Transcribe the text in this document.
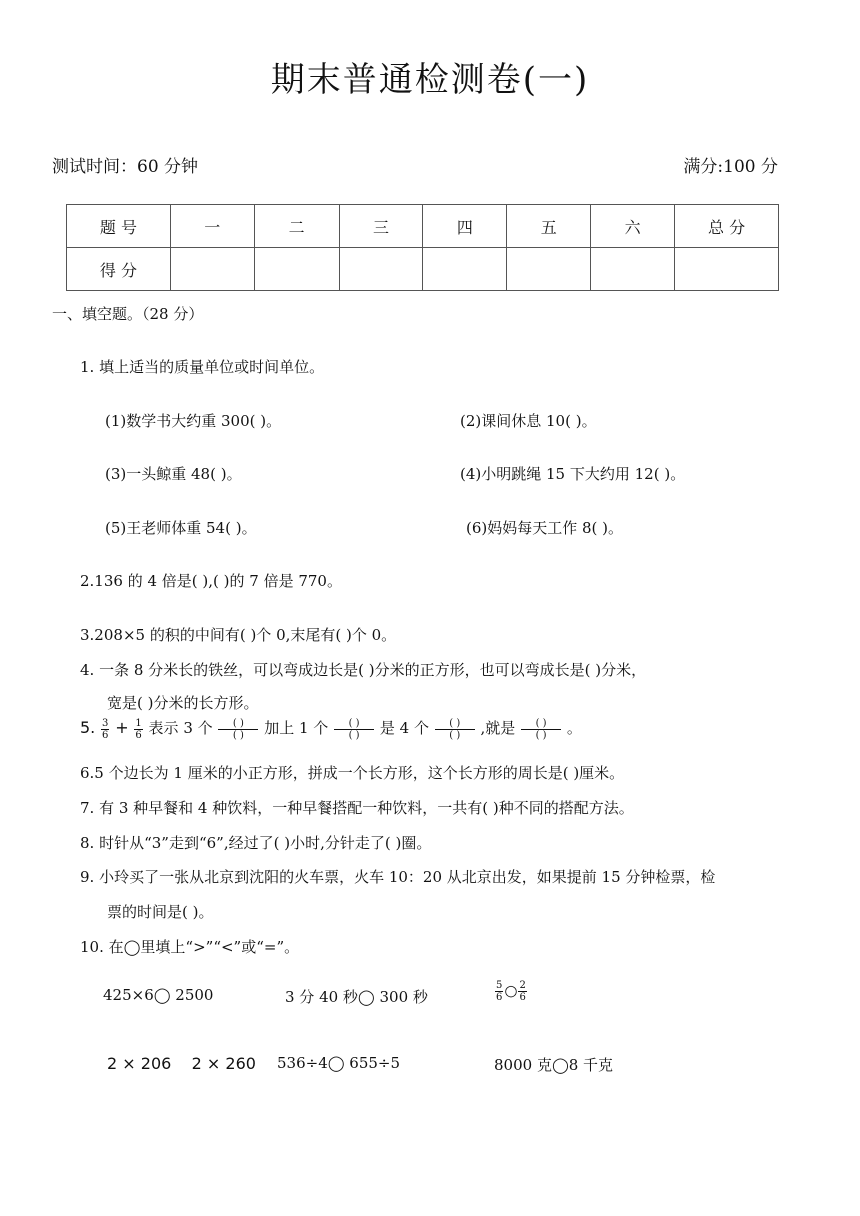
期末普通检测卷(一)
测试时间：60 分钟	满分:100 分
题 号	一	二	三	四	五	六	总 分
得 分							
一、填空题。（28 分）
1. 填上适当的质量单位或时间单位。
(1)数学书大约重 300( )。	(2)课间休息 10( )。
(3)一头鲸重 48( )。	(4)小明跳绳 15 下大约用 12( )。
(5)王老师体重 54( )。	(6)妈妈每天工作 8( )。
2.136 的 4 倍是( ),( )的 7 倍是 770。
3.208×5 的积的中间有( )个 0,末尾有( )个 0。
4. 一条 8 分米长的铁丝，可以弯成边长是( )分米的正方形，也可以弯成长是( )分米，
宽是( )分米的长方形。
5. $\frac{3}{6} + \frac{1}{6}$ 表示 3 个 $\frac{( )}{( )}$ 加上 1 个 $\frac{( )}{( )}$ 是 4 个 $\frac{( )}{( )}$ ,就是 $\frac{( )}{( )}$ 。
6.5 个边长为 1 厘米的小正方形，拼成一个长方形，这个长方形的周长是( )厘米。
7. 有 3 种早餐和 4 种饮料，一种早餐搭配一种饮料，一共有( )种不同的搭配方法。
8. 时针从“3”走到“6”,经过了( )小时,分针走了( )圈。
9. 小玲买了一张从北京到沈阳的火车票，火车 10：20 从北京出发，如果提前 15 分钟检票，检
票的时间是( )。
10. 在◯里填上“>”“<”或“=”。
425×6◯ 2500	3 分 40 秒◯ 300 秒	$\frac{5}{6}$ ○ $\frac{2}{6}$
2 × 206    2 × 260 536÷4◯ 655÷5	8000 克◯8 千克
